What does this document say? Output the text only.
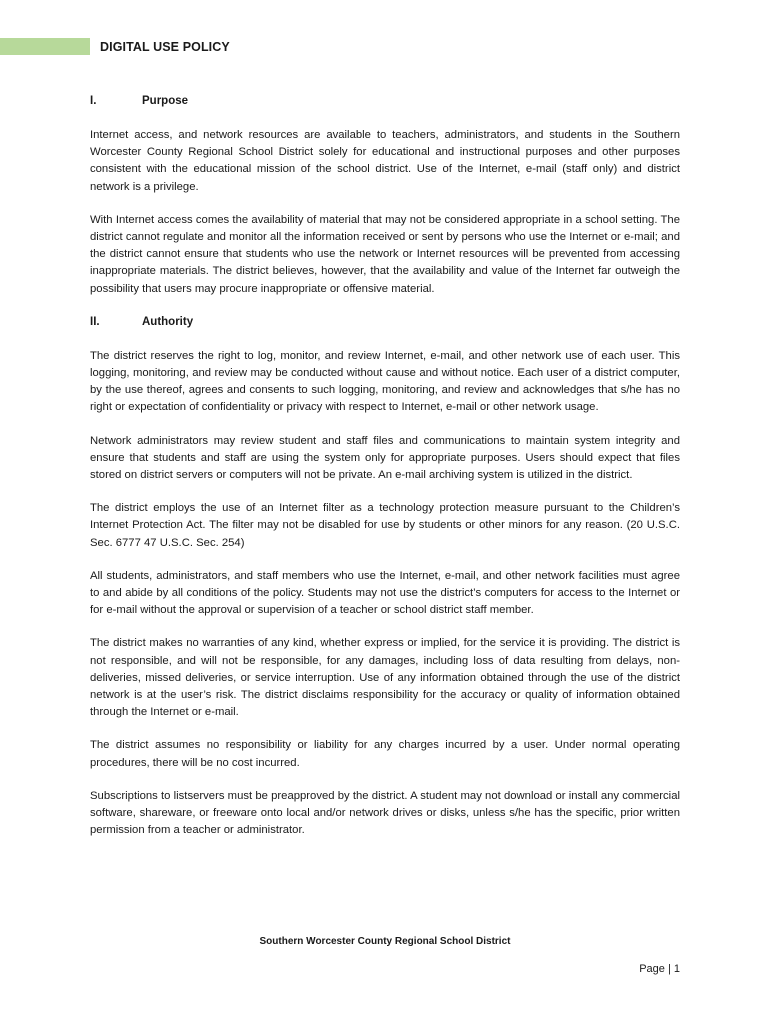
DIGITAL USE POLICY
I.	Purpose

Internet access, and network resources are available to teachers, administrators, and students in the Southern Worcester County Regional School District solely for educational and instructional purposes and other purposes consistent with the educational mission of the school district. Use of the Internet, e-mail (staff only) and district network is a privilege.

With Internet access comes the availability of material that may not be considered appropriate in a school setting. The district cannot regulate and monitor all the information received or sent by persons who use the Internet or e-mail; and the district cannot ensure that students who use the network or Internet resources will be prevented from accessing inappropriate materials. The district believes, however, that the availability and value of the Internet far outweigh the possibility that users may procure inappropriate or offensive material.

II.	Authority

The district reserves the right to log, monitor, and review Internet, e-mail, and other network use of each user. This logging, monitoring, and review may be conducted without cause and without notice. Each user of a district computer, by the use thereof, agrees and consents to such logging, monitoring, and review and acknowledges that s/he has no right or expectation of confidentiality or privacy with respect to Internet, e-mail or other network usage.

Network administrators may review student and staff files and communications to maintain system integrity and ensure that students and staff are using the system only for appropriate purposes. Users should expect that files stored on district servers or computers will not be private. An e-mail archiving system is utilized in the district.

The district employs the use of an Internet filter as a technology protection measure pursuant to the Children’s Internet Protection Act. The filter may not be disabled for use by students or other minors for any reason. (20 U.S.C. Sec. 6777 47 U.S.C. Sec. 254)

All students, administrators, and staff members who use the Internet, e-mail, and other network facilities must agree to and abide by all conditions of the policy. Students may not use the district’s computers for access to the Internet or for e-mail without the approval or supervision of a teacher or school district staff member.

The district makes no warranties of any kind, whether express or implied, for the service it is providing. The district is not responsible, and will not be responsible, for any damages, including loss of data resulting from delays, non-deliveries, missed deliveries, or service interruption. Use of any information obtained through the use of the district network is at the user’s risk. The district disclaims responsibility for the accuracy or quality of information obtained through the Internet or e-mail.

The district assumes no responsibility or liability for any charges incurred by a user. Under normal operating procedures, there will be no cost incurred.

Subscriptions to listservers must be preapproved by the district. A student may not download or install any commercial software, shareware, or freeware onto local and/or network drives or disks, unless s/he has the specific, prior written permission from a teacher or administrator.

Southern Worcester County Regional School District
Page | 1
